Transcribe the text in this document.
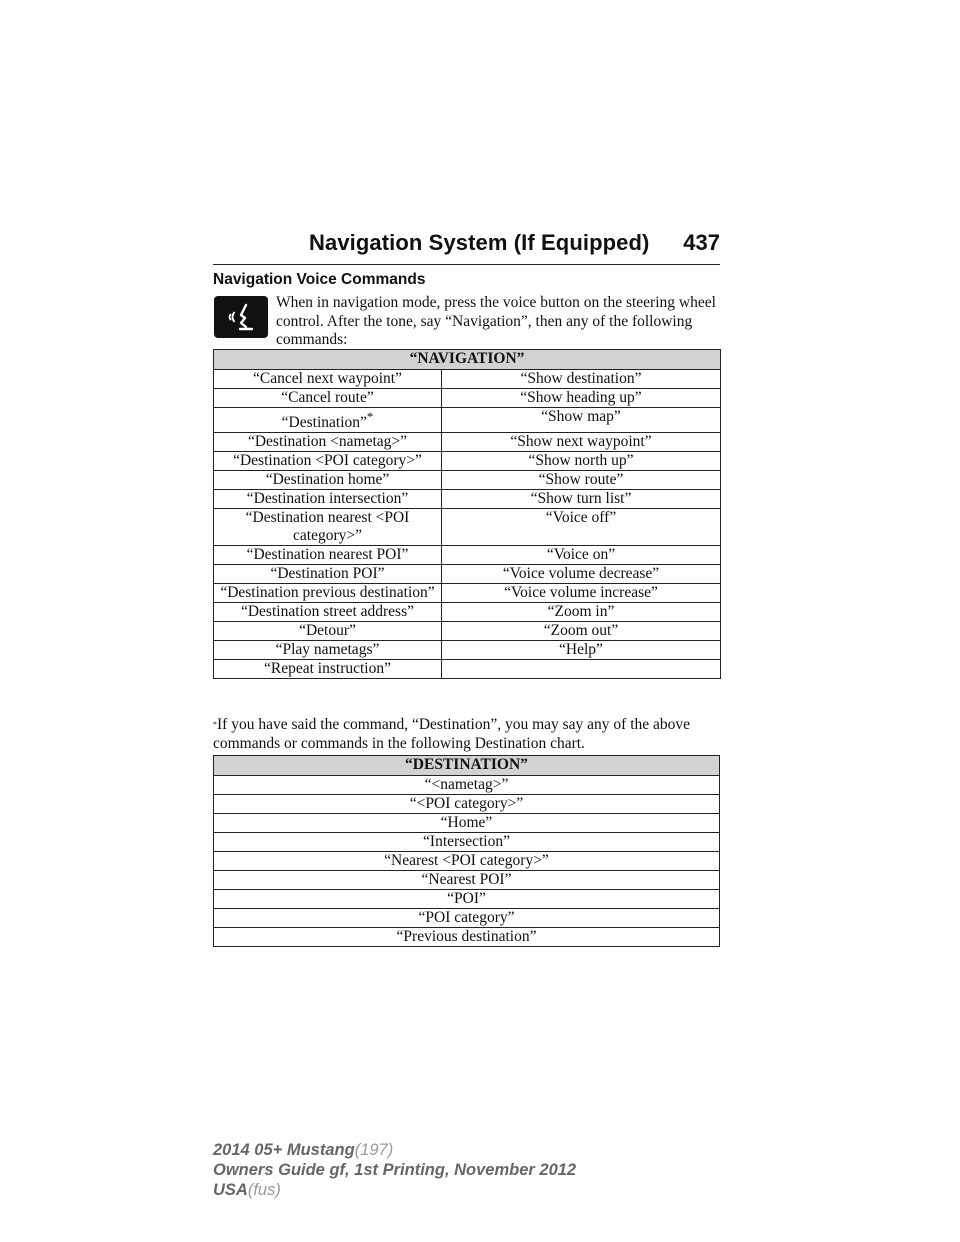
Navigation System (If Equipped) 437
Navigation Voice Commands
When in navigation mode, press the voice button on the steering wheel control. After the tone, say “Navigation”, then any of the following commands:
“NAVIGATION”	
“Cancel next waypoint”	“Show destination”
“Cancel route”	“Show heading up”
“Destination”*	“Show map”
“Destination <nametag>”	“Show next waypoint”
“Destination <POI category>”	“Show north up”
“Destination home”	“Show route”
“Destination intersection”	“Show turn list”
“Destination nearest <POI category>”	“Voice off”
“Destination nearest POI”	“Voice on”
“Destination POI”	“Voice volume decrease”
“Destination previous destination”	“Voice volume increase”
“Destination street address”	“Zoom in”
“Detour”	“Zoom out”
“Play nametags”	“Help”
“Repeat instruction”	
*If you have said the command, “Destination”, you may say any of the above commands or commands in the following Destination chart.
“DESTINATION”
“<nametag>”
“<POI category>”
“Home”
“Intersection”
“Nearest <POI category>”
“Nearest POI”
“POI”
“POI category”
“Previous destination”
2014 05+ Mustang(197)
Owners Guide gf, 1st Printing, November 2012
USA(fus)
